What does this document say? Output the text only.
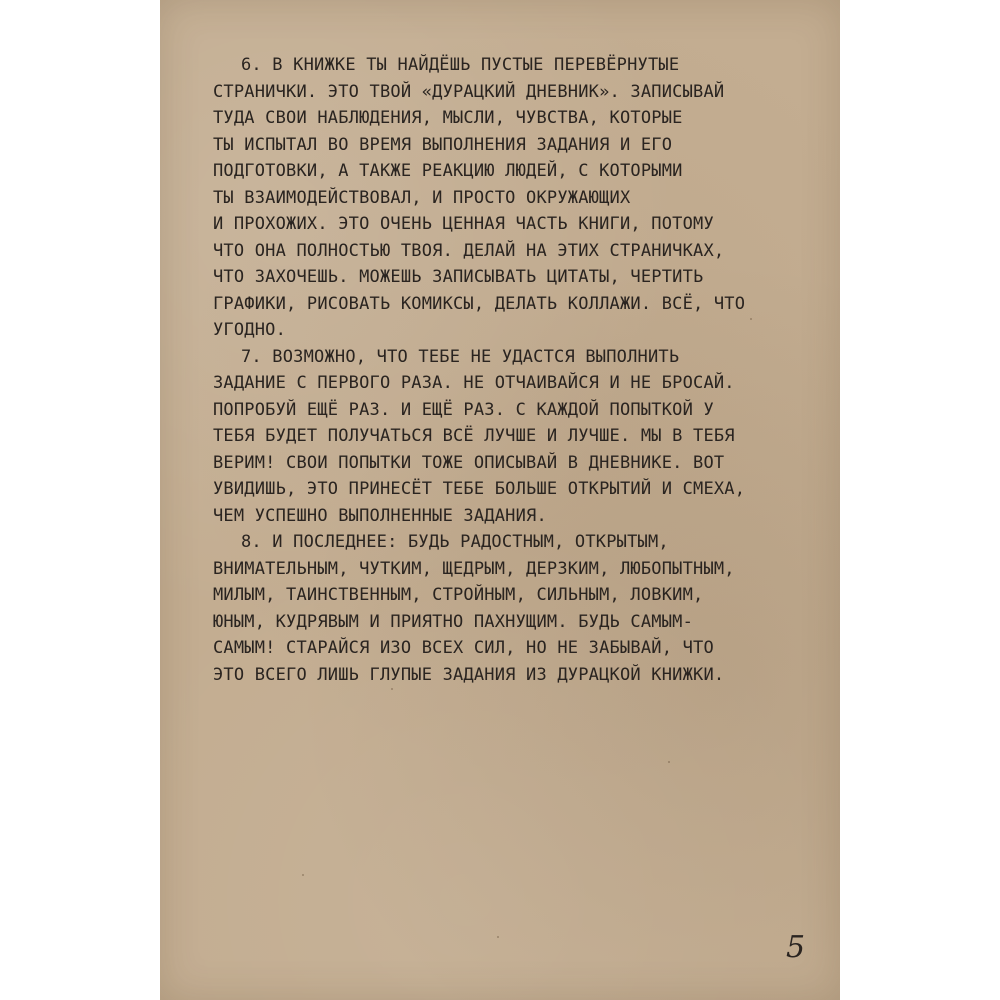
6. В КНИЖКЕ ТЫ НАЙДЁШЬ ПУСТЫЕ ПЕРЕВЁРНУТЫЕ
СТРАНИЧКИ. ЭТО ТВОЙ «ДУРАЦКИЙ ДНЕВНИК». ЗАПИСЫВАЙ
ТУДА СВОИ НАБЛЮДЕНИЯ, МЫСЛИ, ЧУВСТВА, КОТОРЫЕ
ТЫ ИСПЫТАЛ ВО ВРЕМЯ ВЫПОЛНЕНИЯ ЗАДАНИЯ И ЕГО
ПОДГОТОВКИ, А ТАКЖЕ РЕАКЦИЮ ЛЮДЕЙ, С КОТОРЫМИ
ТЫ ВЗАИМОДЕЙСТВОВАЛ, И ПРОСТО ОКРУЖАЮЩИХ
И ПРОХОЖИХ. ЭТО ОЧЕНЬ ЦЕННАЯ ЧАСТЬ КНИГИ, ПОТОМУ
ЧТО ОНА ПОЛНОСТЬЮ ТВОЯ. ДЕЛАЙ НА ЭТИХ СТРАНИЧКАХ,
ЧТО ЗАХОЧЕШЬ. МОЖЕШЬ ЗАПИСЫВАТЬ ЦИТАТЫ, ЧЕРТИТЬ
ГРАФИКИ, РИСОВАТЬ КОМИКСЫ, ДЕЛАТЬ КОЛЛАЖИ. ВСЁ, ЧТО
УГОДНО.
7. ВОЗМОЖНО, ЧТО ТЕБЕ НЕ УДАСТСЯ ВЫПОЛНИТЬ
ЗАДАНИЕ С ПЕРВОГО РАЗА. НЕ ОТЧАИВАЙСЯ И НЕ БРОСАЙ.
ПОПРОБУЙ ЕЩЁ РАЗ. И ЕЩЁ РАЗ. С КАЖДОЙ ПОПЫТКОЙ У
ТЕБЯ БУДЕТ ПОЛУЧАТЬСЯ ВСЁ ЛУЧШЕ И ЛУЧШЕ. МЫ В ТЕБЯ
ВЕРИМ! СВОИ ПОПЫТКИ ТОЖЕ ОПИСЫВАЙ В ДНЕВНИКЕ. ВОТ
УВИДИШЬ, ЭТО ПРИНЕСЁТ ТЕБЕ БОЛЬШЕ ОТКРЫТИЙ И СМЕХА,
ЧЕМ УСПЕШНО ВЫПОЛНЕННЫЕ ЗАДАНИЯ.
8. И ПОСЛЕДНЕЕ: БУДЬ РАДОСТНЫМ, ОТКРЫТЫМ,
ВНИМАТЕЛЬНЫМ, ЧУТКИМ, ЩЕДРЫМ, ДЕРЗКИМ, ЛЮБОПЫТНЫМ,
МИЛЫМ, ТАИНСТВЕННЫМ, СТРОЙНЫМ, СИЛЬНЫМ, ЛОВКИМ,
ЮНЫМ, КУДРЯВЫМ И ПРИЯТНО ПАХНУЩИМ. БУДЬ САМЫМ-
САМЫМ! СТАРАЙСЯ ИЗО ВСЕХ СИЛ, НО НЕ ЗАБЫВАЙ, ЧТО
ЭТО ВСЕГО ЛИШЬ ГЛУПЫЕ ЗАДАНИЯ ИЗ ДУРАЦКОЙ КНИЖКИ.
5
